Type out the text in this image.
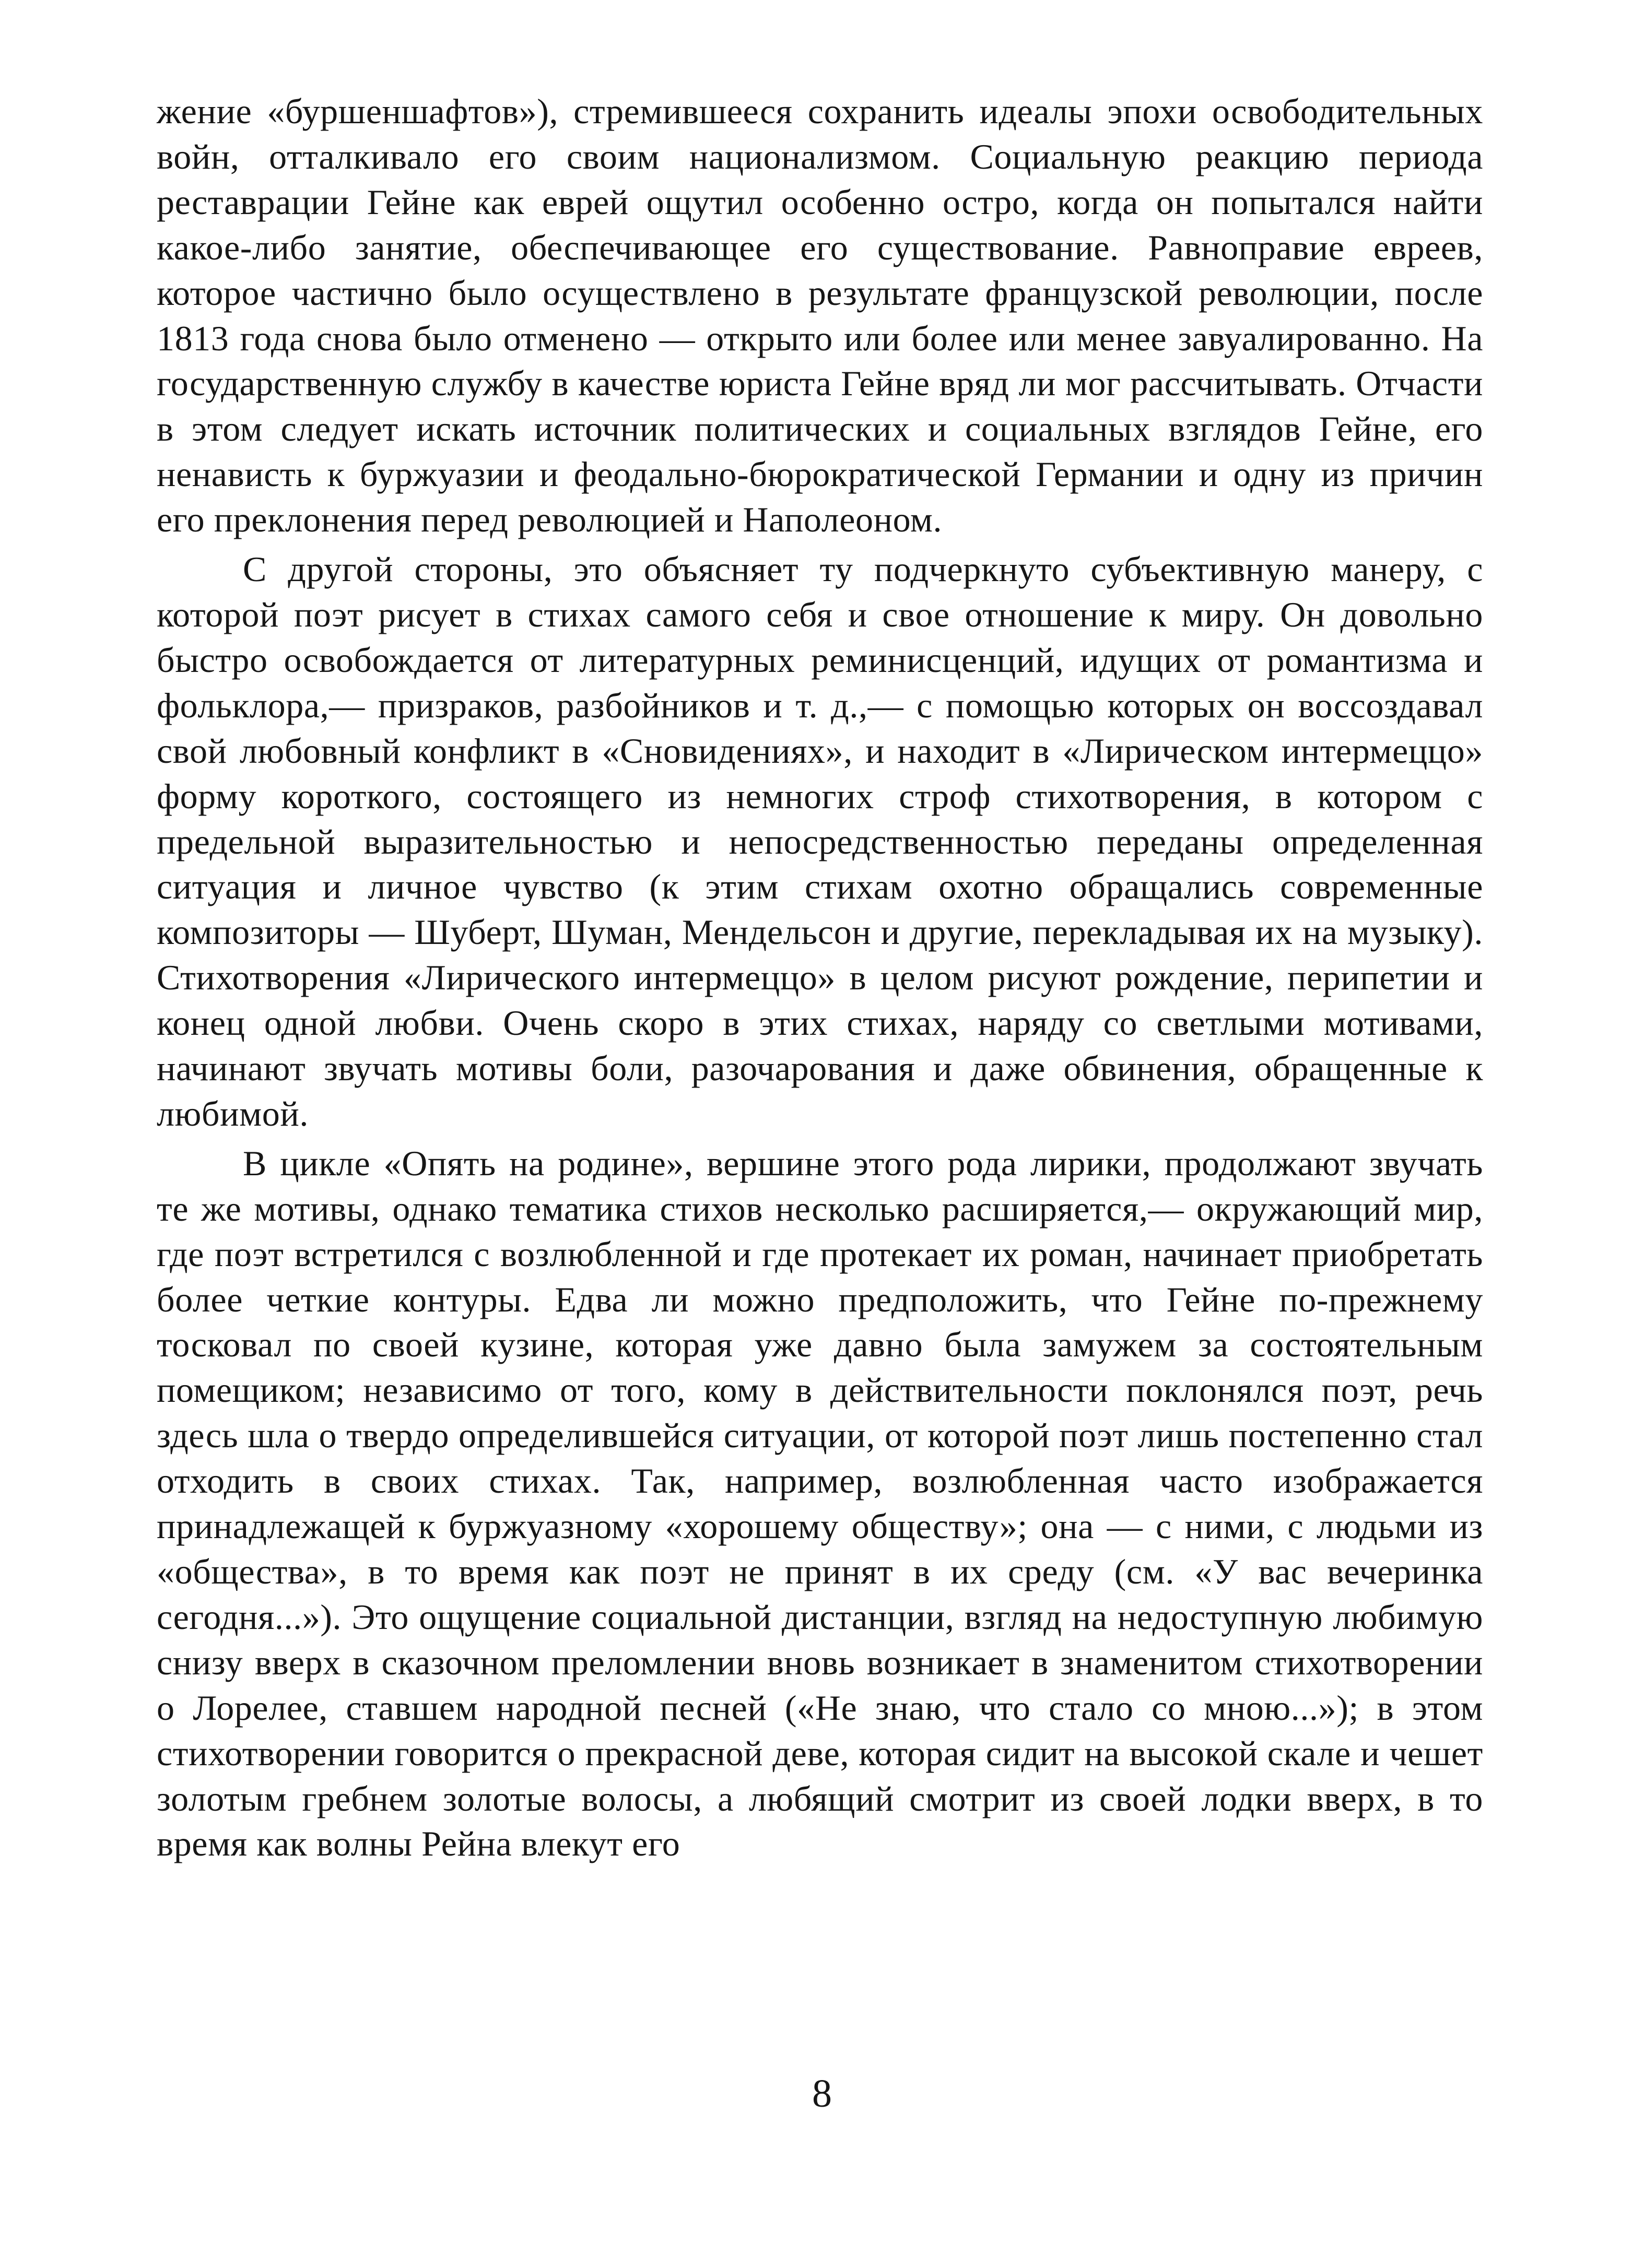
жение «буршеншафтов»), стремившееся сохранить идеалы эпохи освободительных войн, отталкивало его своим национализмом. Социальную реакцию периода реставрации Гейне как еврей ощутил особенно остро, когда он попытался найти какое-либо занятие, обеспечивающее его существование. Равноправие евреев, которое частично было осуществлено в результате французской революции, после 1813 года снова было отменено — открыто или более или менее завуалированно. На государственную службу в качестве юриста Гейне вряд ли мог рассчитывать. Отчасти в этом следует искать источник политических и социальных взглядов Гейне, его ненависть к буржуазии и феодально-бюрократической Германии и одну из причин его преклонения перед революцией и Наполеоном.

С другой стороны, это объясняет ту подчеркнуто субъективную манеру, с которой поэт рисует в стихах самого себя и свое отношение к миру. Он довольно быстро освобождается от литературных реминисценций, идущих от романтизма и фольклора,— призраков, разбойников и т. д.,— с помощью которых он воссоздавал свой любовный конфликт в «Сновидениях», и находит в «Лирическом интермеццо» форму короткого, состоящего из немногих строф стихотворения, в котором с предельной выразительностью и непосредственностью переданы определенная ситуация и личное чувство (к этим стихам охотно обращались современные композиторы — Шуберт, Шуман, Мендельсон и другие, перекладывая их на музыку). Стихотворения «Лирического интермеццо» в целом рисуют рождение, перипетии и конец одной любви. Очень скоро в этих стихах, наряду со светлыми мотивами, начинают звучать мотивы боли, разочарования и даже обвинения, обращенные к любимой.

В цикле «Опять на родине», вершине этого рода лирики, продолжают звучать те же мотивы, однако тематика стихов несколько расширяется,— окружающий мир, где поэт встретился с возлюбленной и где протекает их роман, начинает приобретать более четкие контуры. Едва ли можно предположить, что Гейне по-прежнему тосковал по своей кузине, которая уже давно была замужем за состоятельным помещиком; независимо от того, кому в действительности поклонялся поэт, речь здесь шла о твердо определившейся ситуации, от которой поэт лишь постепенно стал отходить в своих стихах. Так, например, возлюбленная часто изображается принадлежащей к буржуазному «хорошему обществу»; она — с ними, с людьми из «общества», в то время как поэт не принят в их среду (см. «У вас вечеринка сегодня...»). Это ощущение социальной дистанции, взгляд на недоступную любимую снизу вверх в сказочном преломлении вновь возникает в знаменитом стихотворении о Лорелее, ставшем народной песней («Не знаю, что стало со мною...»); в этом стихотворении говорится о прекрасной деве, которая сидит на высокой скале и чешет золотым гребнем золотые волосы, а любящий смотрит из своей лодки вверх, в то время как волны Рейна влекут его

8
